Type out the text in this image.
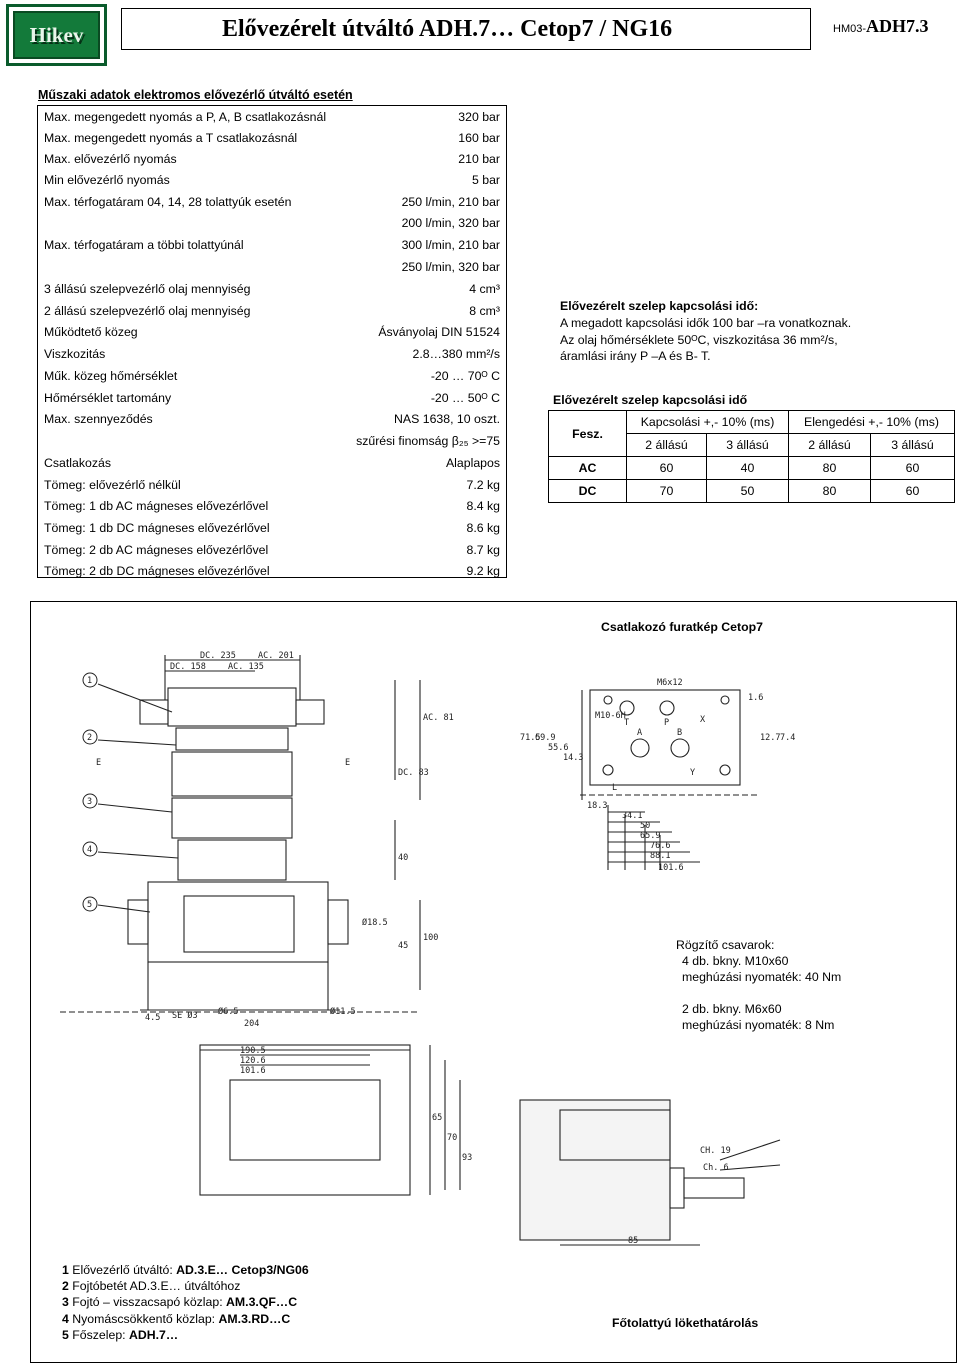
Hikev	Elővezérelt útváltó ADH.7… Cetop7 / NG16	HM03-ADH7.3
Műszaki adatok elektromos elővezérlő útváltó esetén
Max. megengedett nyomás a P, A, B csatlakozásnál	320 bar
Max. megengedett nyomás a T csatlakozásnál	160 bar
Max. elővezérlő nyomás	210 bar
Min elővezérlő nyomás	5 bar
Max. térfogatáram 04, 14, 28 tolattyúk esetén	250 l/min, 210 bar
200 l/min, 320 bar
Max. térfogatáram a többi tolattyúnál	300 l/min, 210 bar
250 l/min, 320 bar
3 állású szelepvezérlő olaj mennyiség	4 cm³
2 állású szelepvezérlő olaj mennyiség	8 cm³
Működtető közeg	Ásványolaj DIN 51524
Viszkozitás	2.8…380 mm²/s
Műk. közeg hőmérséklet	-20 … 70ᴼ C
Hőmérséklet tartomány	-20 … 50ᴼ C
Max. szennyeződés	NAS 1638, 10 oszt.
szűrési finomság β₂₅ >=75
Csatlakozás	Alaplapos
Tömeg: elővezérlő nélkül	7.2 kg
Tömeg: 1 db AC mágneses elővezérlővel	8.4 kg
Tömeg: 1 db DC mágneses elővezérlővel	8.6 kg
Tömeg: 2 db AC mágneses elővezérlővel	8.7 kg
Tömeg: 2 db DC mágneses elővezérlővel	9.2 kg
Elővezérelt szelep kapcsolási idő:
A megadott kapcsolási idők 100 bar –ra vonatkoznak.
Az olaj hőmérséklete 50ᴼC, viszkozitása 36 mm²/s,
áramlási irány P –A és B- T.
Elővezérelt szelep kapcsolási idő
Fesz.	Kapcsolási +,- 10% (ms)		Elengedési +,- 10% (ms)	
	2 állású	3 állású	2 állású	3 állású
AC	60	40	80	60
DC	70	50	80	60
Csatlakozó furatkép Cetop7
Főtolattyú lökethatárolás
DC. 235	AC. 201
DC. 158	AC. 135
1
2
3
4
5
E	E
DC. 83
AC. 81
40
100
45
Ø18.5
Ø6.5	Ø11.5
204
SE Ø3
4.5
190.5
120.6
101.6
65
70
93
M6x12
M10-6H
1.6
T	P	X
A	B
Y
L
71.5
69.9
55.6
14.3
12.7 7.4
18.3
34.1
50
65.9
76.6
88.1
101.6
CH. 19
Ch. 6
85
Rögzítő csavarok:
4 db. bkny. M10x60
meghúzási nyomaték: 40 Nm
2 db. bkny. M6x60
meghúzási nyomaték: 8 Nm
1 Elővezérlő útváltó: AD.3.E… Cetop3/NG06
2 Fojtóbetét AD.3.E… útváltóhoz
3 Fojtó – visszacsapó közlap: AM.3.QF…C
4 Nyomáscsökkentő közlap: AM.3.RD…C
5 Főszelep: ADH.7…
